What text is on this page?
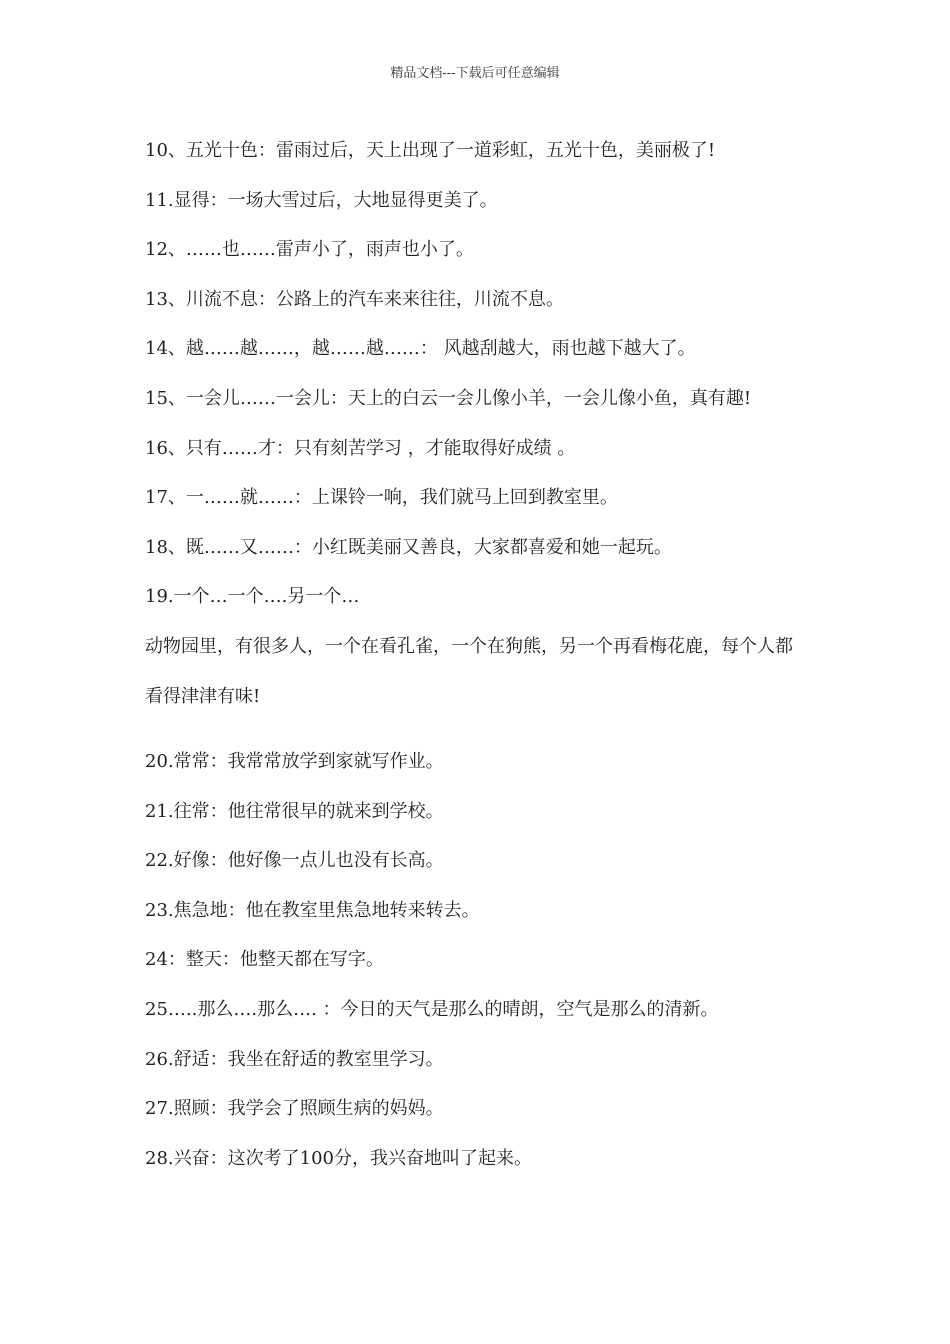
精品文档---下载后可任意编辑
10、五光十色：雷雨过后，天上出现了一道彩虹，五光十色，美丽极了!
11.显得：一场大雪过后，大地显得更美了。
12、……也……雷声小了，雨声也小了。
13、川流不息：公路上的汽车来来往往，川流不息。
14、越……越……，越……越……： 风越刮越大，雨也越下越大了。
15、一会儿……一会儿：天上的白云一会儿像小羊，一会儿像小鱼，真有趣!
16、只有……才：只有刻苦学习 ，才能取得好成绩 。
17、一……就……：上课铃一响，我们就马上回到教室里。
18、既……又……：小红既美丽又善良，大家都喜爱和她一起玩。
19.一个…一个….另一个…
动物园里，有很多人，一个在看孔雀，一个在狗熊，另一个再看梅花鹿，每个人都看得津津有味!
20.常常：我常常放学到家就写作业。
21.往常：他往常很早的就来到学校。
22.好像：他好像一点儿也没有长高。
23.焦急地：他在教室里焦急地转来转去。
24：整天：他整天都在写字。
25…..那么….那么…. ：今日的天气是那么的晴朗，空气是那么的清新。
26.舒适：我坐在舒适的教室里学习。
27.照顾：我学会了照顾生病的妈妈。
28.兴奋：这次考了100分，我兴奋地叫了起来。
